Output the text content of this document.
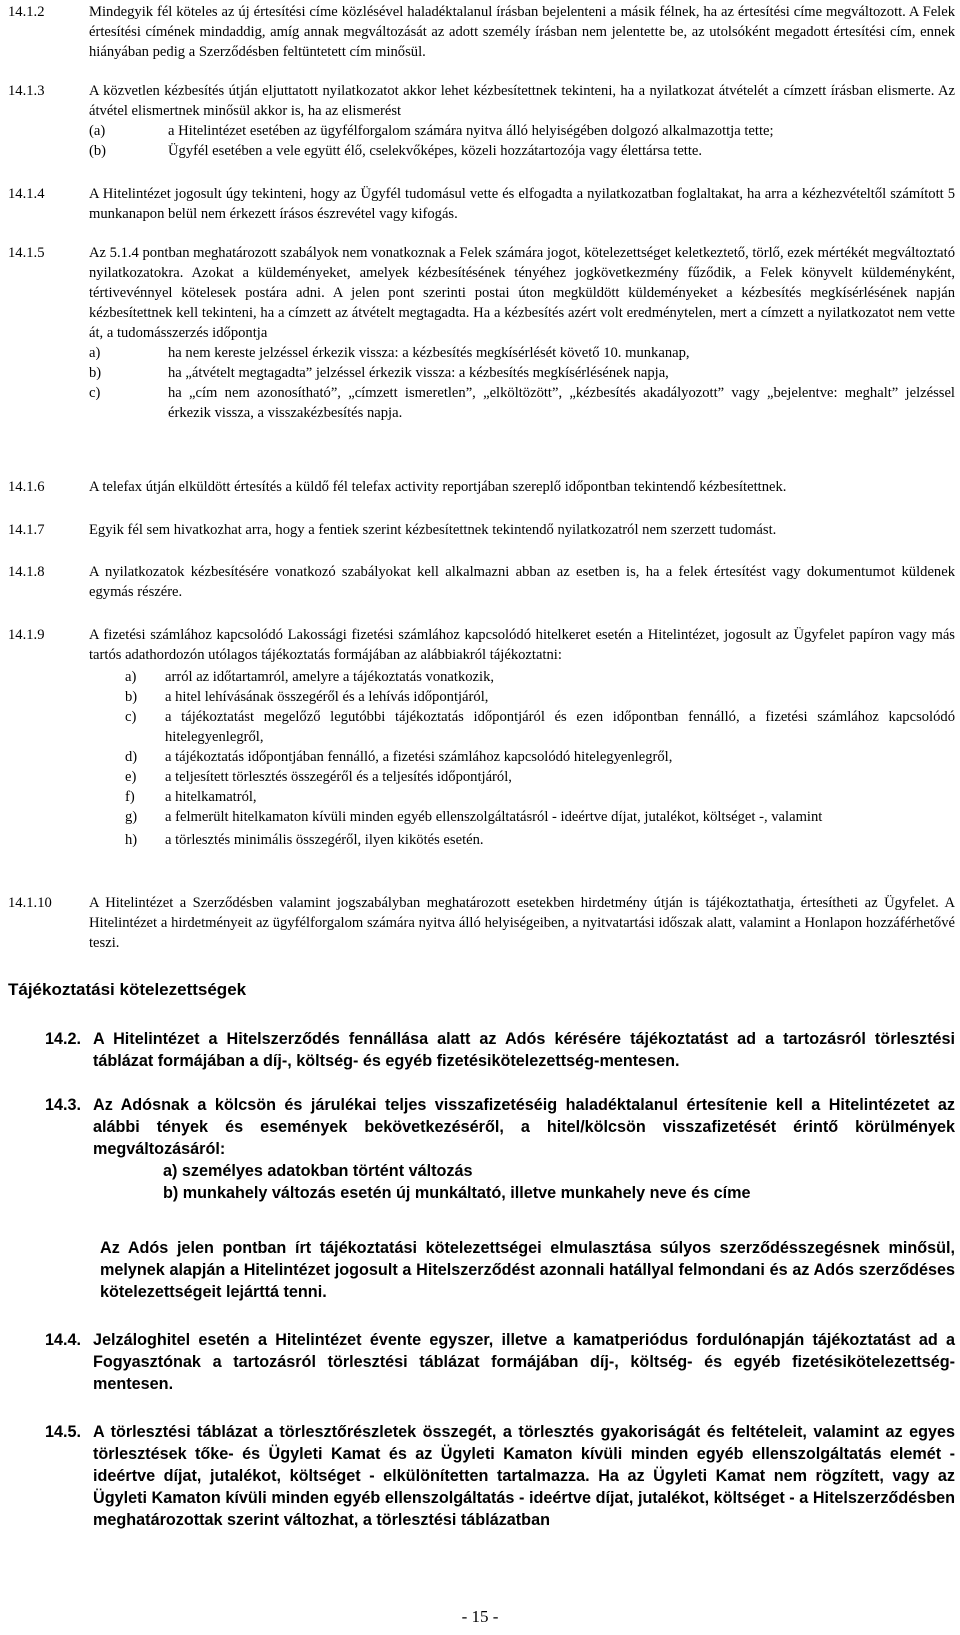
14.1.2	Mindegyik fél köteles az új értesítési címe közlésével haladéktalanul írásban bejelenteni a másik félnek, ha az értesítési címe megváltozott. A Felek értesítési címének mindaddig, amíg annak megváltozását az adott személy írásban nem jelentette be, az utolsóként megadott értesítési cím, ennek hiányában pedig a Szerződésben feltüntetett cím minősül.

14.1.3	A közvetlen kézbesítés útján eljuttatott nyilatkozatot akkor lehet kézbesítettnek tekinteni, ha a nyilatkozat átvételét a címzett írásban elismerte. Az átvétel elismertnek minősül akkor is, ha az elismerést

(a)	a Hitelintézet esetében az ügyfélforgalom számára nyitva álló helyiségében dolgozó alkalmazottja tette;
(b)	Ügyfél esetében a vele együtt élő, cselekvőképes, közeli hozzátartozója vagy élettársa tette.
14.1.4	A Hitelintézet jogosult úgy tekinteni, hogy az Ügyfél tudomásul vette és elfogadta a nyilatkozatban foglaltakat, ha arra a kézhezvételtől számított 5 munkanapon belül nem érkezett írásos észrevétel vagy kifogás.

14.1.5	Az 5.1.4 pontban meghatározott szabályok nem vonatkoznak a Felek számára jogot, kötelezettséget keletkeztető, törlő, ezek mértékét megváltoztató nyilatkozatokra. Azokat a küldeményeket, amelyek kézbesítésének tényéhez jogkövetkezmény fűződik, a Felek könyvelt küldeményként, tértivevénnyel kötelesek postára adni. A jelen pont szerinti postai úton megküldött küldeményeket a kézbesítés megkísérlésének napján kézbesítettnek kell tekinteni, ha a címzett az átvételt megtagadta. Ha a kézbesítés azért volt eredménytelen, mert a címzett a nyilatkozatot nem vette át, a tudomásszerzés időpontja

a)	ha nem kereste jelzéssel érkezik vissza: a kézbesítés megkísérlését követő 10. munkanap,
b)	ha „átvételt megtagadta” jelzéssel érkezik vissza: a kézbesítés megkísérlésének napja,
c)	ha „cím nem azonosítható”, „címzett ismeretlen”, „elköltözött”, „kézbesítés akadályozott” vagy „bejelentve: meghalt” jelzéssel érkezik vissza, a visszakézbesítés napja.
14.1.6	A telefax útján elküldött értesítés a küldő fél telefax activity reportjában szereplő időpontban tekintendő kézbesítettnek.

14.1.7	Egyik fél sem hivatkozhat arra, hogy a fentiek szerint kézbesítettnek tekintendő nyilatkozatról nem szerzett tudomást.

14.1.8	A nyilatkozatok kézbesítésére vonatkozó szabályokat kell alkalmazni abban az esetben is, ha a felek értesítést vagy dokumentumot küldenek egymás részére.

14.1.9	A fizetési számlához kapcsolódó Lakossági fizetési számlához kapcsolódó hitelkeret esetén a Hitelintézet, jogosult az Ügyfelet papíron vagy más tartós adathordozón utólagos tájékoztatás formájában az alábbiakról tájékoztatni:

a)	arról az időtartamról, amelyre a tájékoztatás vonatkozik,
b)	a hitel lehívásának összegéről és a lehívás időpontjáról,
c)	a tájékoztatást megelőző legutóbbi tájékoztatás időpontjáról és ezen időpontban fennálló, a fizetési számlához kapcsolódó hitelegyenlegről,
d)	a tájékoztatás időpontjában fennálló, a fizetési számlához kapcsolódó hitelegyenlegről,
e)	a teljesített törlesztés összegéről és a teljesítés időpontjáról,
f)	a hitelkamatról,
g)	a felmerült hitelkamaton kívüli minden egyéb ellenszolgáltatásról - ideértve díjat, jutalékot, költséget -, valamint
h)	a törlesztés minimális összegéről, ilyen kikötés esetén.
14.1.10	A Hitelintézet a Szerződésben valamint jogszabályban meghatározott esetekben hirdetmény útján is tájékoztathatja, értesítheti az Ügyfelet. A Hitelintézet a hirdetményeit az ügyfélforgalom számára nyitva álló helyiségeiben, a nyitvatartási időszak alatt, valamint a Honlapon hozzáférhetővé teszi.

Tájékoztatási kötelezettségek
14.2. A Hitelintézet a Hitelszerződés fennállása alatt az Adós kérésére tájékoztatást ad a tartozásról törlesztési táblázat formájában a díj-, költség- és egyéb fizetésikötelezettség-mentesen.

14.3. Az Adósnak a kölcsön és járulékai teljes visszafizetéséig haladéktalanul értesítenie kell a Hitelintézetet az alábbi tények és események bekövetkezéséről, a hitel/kölcsön visszafizetését érintő körülmények megváltozásáról:

a) személyes adatokban történt változás

b) munkahely változás esetén új munkáltató, illetve munkahely neve és címe

Az Adós jelen pontban írt tájékoztatási kötelezettségei elmulasztása súlyos szerződésszegésnek minősül, melynek alapján a Hitelintézet jogosult a Hitelszerződést azonnali hatállyal felmondani és az Adós szerződéses kötelezettségeit lejárttá tenni.
14.4. Jelzáloghitel esetén a Hitelintézet évente egyszer, illetve a kamatperiódus fordulónapján tájékoztatást ad a Fogyasztónak a tartozásról törlesztési táblázat formájában díj-, költség- és egyéb fizetésikötelezettség-mentesen.

14.5. A törlesztési táblázat a törlesztőrészletek összegét, a törlesztés gyakoriságát és feltételeit, valamint az egyes törlesztések tőke- és Ügyleti Kamat és az Ügyleti Kamaton kívüli minden egyéb ellenszolgáltatás elemét - ideértve díjat, jutalékot, költséget - elkülönítetten tartalmazza. Ha az Ügyleti Kamat nem rögzített, vagy az Ügyleti Kamaton kívüli minden egyéb ellenszolgáltatás - ideértve díjat, jutalékot, költséget - a Hitelszerződésben meghatározottak szerint változhat, a törlesztési táblázatban

- 15 -
